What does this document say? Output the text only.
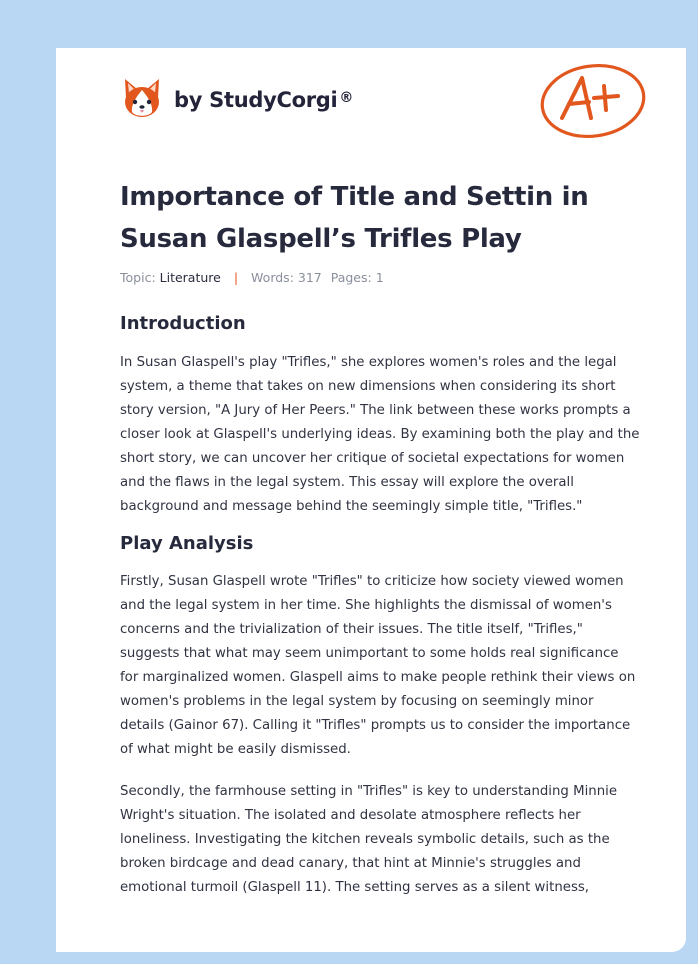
by StudyCorgi ®
Importance of Title and Settin in Susan Glaspell’s Trifles Play
Topic: Literature | Words: 317 Pages: 1
Introduction

In Susan Glaspell's play "Trifles," she explores women's roles and the legal system, a theme that takes on new dimensions when considering its short story version, "A Jury of Her Peers." The link between these works prompts a closer look at Glaspell's underlying ideas. By examining both the play and the short story, we can uncover her critique of societal expectations for women and the flaws in the legal system. This essay will explore the overall background and message behind the seemingly simple title, "Trifles."

Play Analysis

Firstly, Susan Glaspell wrote "Trifles" to criticize how society viewed women and the legal system in her time. She highlights the dismissal of women's concerns and the trivialization of their issues. The title itself, "Trifles," suggests that what may seem unimportant to some holds real significance for marginalized women. Glaspell aims to make people rethink their views on women's problems in the legal system by focusing on seemingly minor details (Gainor 67). Calling it "Trifles" prompts us to consider the importance of what might be easily dismissed.

Secondly, the farmhouse setting in "Trifles" is key to understanding Minnie Wright's situation. The isolated and desolate atmosphere reflects her loneliness. Investigating the kitchen reveals symbolic details, such as the broken birdcage and dead canary, that hint at Minnie's struggles and emotional turmoil (Glaspell 11). The setting serves as a silent witness,
